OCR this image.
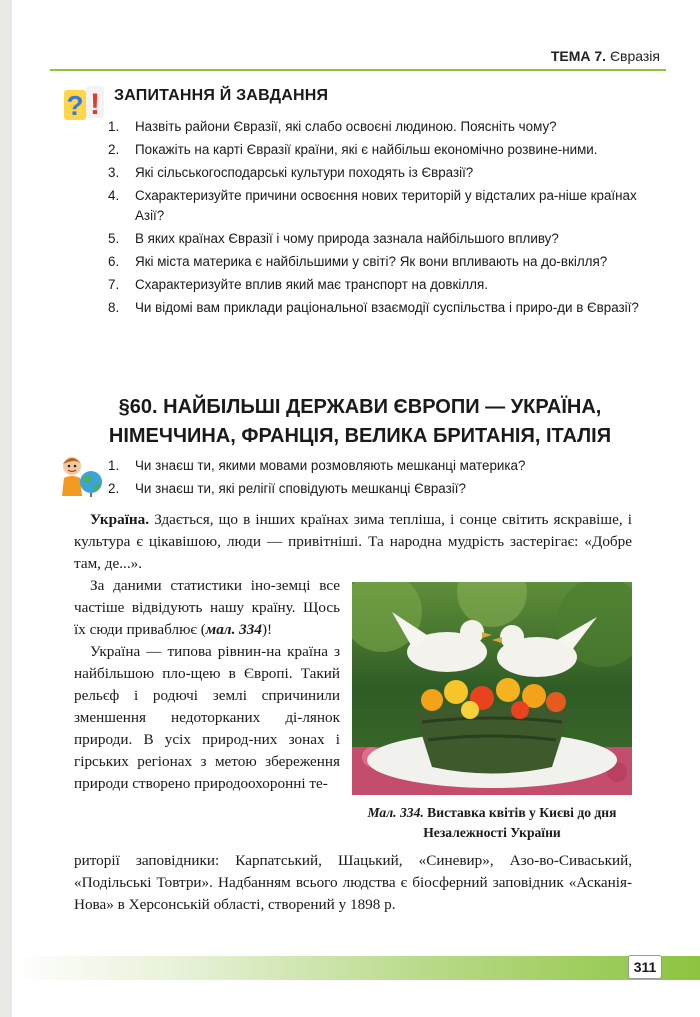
ТЕМА 7. Євразія
? ! ЗАПИТАННЯ Й ЗАВДАННЯ
1. Назвіть райони Євразії, які слабо освоєні людиною. Поясніть чому?
2. Покажіть на карті Євразії країни, які є найбільш економічно розвине-ними.
3. Які сільськогосподарські культури походять із Євразії?
4. Схарактеризуйте причини освоєння нових територій у відсталих ра-ніше країнах Азії?
5. В яких країнах Євразії і чому природа зазнала найбільшого впливу?
6. Які міста материка є найбільшими у світі? Як вони впливають на до-вкілля?
7. Схарактеризуйте вплив який має транспорт на довкілля.
8. Чи відомі вам приклади раціональної взаємодії суспільства і приро-ди в Євразії?
§60. НАЙБІЛЬШІ ДЕРЖАВИ ЄВРОПИ — УКРАЇНА,
НІМЕЧЧИНА, ФРАНЦІЯ, ВЕЛИКА БРИТАНІЯ, ІТАЛІЯ
1. Чи знаєш ти, якими мовами розмовляють мешканці материка?
2. Чи знаєш ти, які релігії сповідують мешканці Євразії?
Україна. Здається, що в інших країнах зима тепліша, і сонце світить яскравіше, і культура є цікавішою, люди — привітніші. Та народна мудрість застерігає: «Добре там, де...».

За даними статистики іно-земці все частіше відвідують нашу країну. Щось їх сюди приваблює (мал. 334)!

Україна — типова рівнин-на країна з найбільшою пло-щею в Європі. Такий рельєф і родючі землі спричинили зменшення недоторканих ді-лянок природи. В усіх природ-них зонах і гірських регіонах з метою збереження природи створено природоохоронні те-

риторії заповідники: Карпатський, Шацький, «Синевир», Азо-во-Сиваський, «Подільські Товтри». Надбанням всього людства є біосферний заповідник «Асканія-Нова» в Херсонській області, створений у 1898 р.
Мал. 334. Виставка квітів у Києві до дня Незалежності України
311
